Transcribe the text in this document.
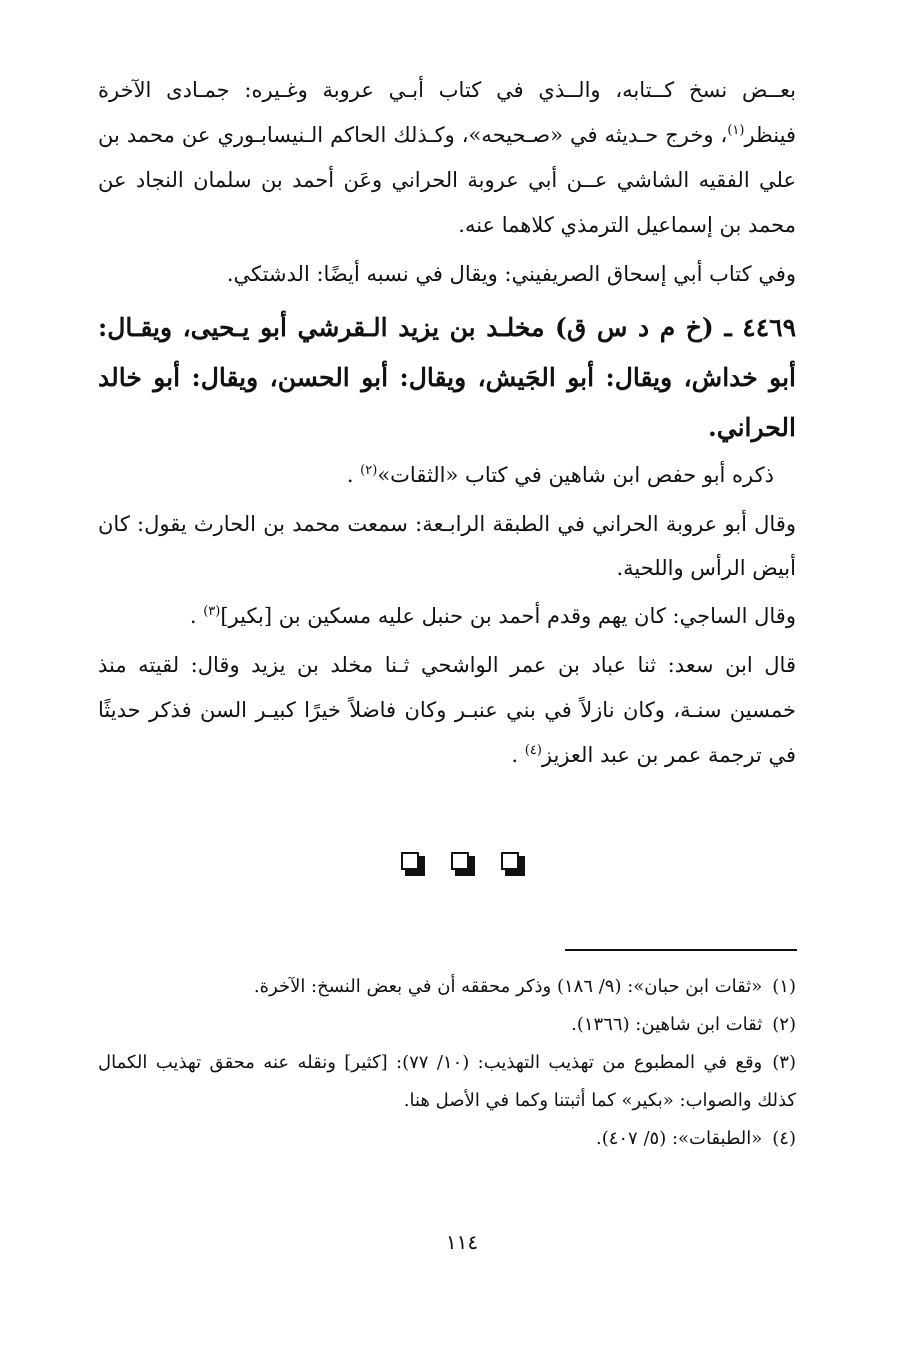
بعــض نسخ كــتابه، والــذي في كتاب أبـي عروبة وغـيره: جمـادى الآخرة فينظر$^{(١)}$، وخرج حـديثه في «صـحيحه»، وكـذلك الحاكم الـنيسابـوري عن محمد بن علي الفقيه الشاشي عــن أبي عروبة الحراني وعَن أحمد بن سلمان النجاد عن محمد بن إسماعيل الترمذي كلاهما عنه.

وفي كتاب أبي إسحاق الصريفيني: ويقال في نسبه أيضًا: الدشتكي.

٤٤٦٩ ـ (خ م د س ق) مخلـد بن يزيد الـقرشي أبو يـحيى، ويقـال: أبو خداش، ويقال: أبو الجَيش، ويقال: أبو الحسن، ويقال: أبو خالد الحراني.

ذكره أبو حفص ابن شاهين في كتاب «الثقات»$^{(٢)}$ .

وقال أبو عروبة الحراني في الطبقة الرابـعة: سمعت محمد بن الحارث يقول: كان أبيض الرأس واللحية.

وقال الساجي: كان يهم وقدم أحمد بن حنبل عليه مسكين بن [بكير]$^{(٣)}$ .

قال ابن سعد: ثنا عباد بن عمر الواشحي ثـنا مخلد بن يزيد وقال: لقيته منذ خمسين سنـة، وكان نازلاً في بني عنبـر وكان فاضلاً خيرًا كبيـر السن فذكر حديثًا في ترجمة عمر بن عبد العزيز$^{(٤)}$ .

(١)«ثقات ابن حبان»: (٩/ ١٨٦) وذكر محققه أن في بعض النسخ: الآخرة.

(٢)ثقات ابن شاهين: (١٣٦٦).

(٣)وقع في المطبوع من تهذيب التهذيب: (١٠/ ٧٧): [كثير] ونقله عنه محقق تهذيب الكمال كذلك والصواب: «بكير» كما أثبتنا وكما في الأصل هنا.

(٤)«الطبقات»: (٥/ ٤٠٧).

١١٤
